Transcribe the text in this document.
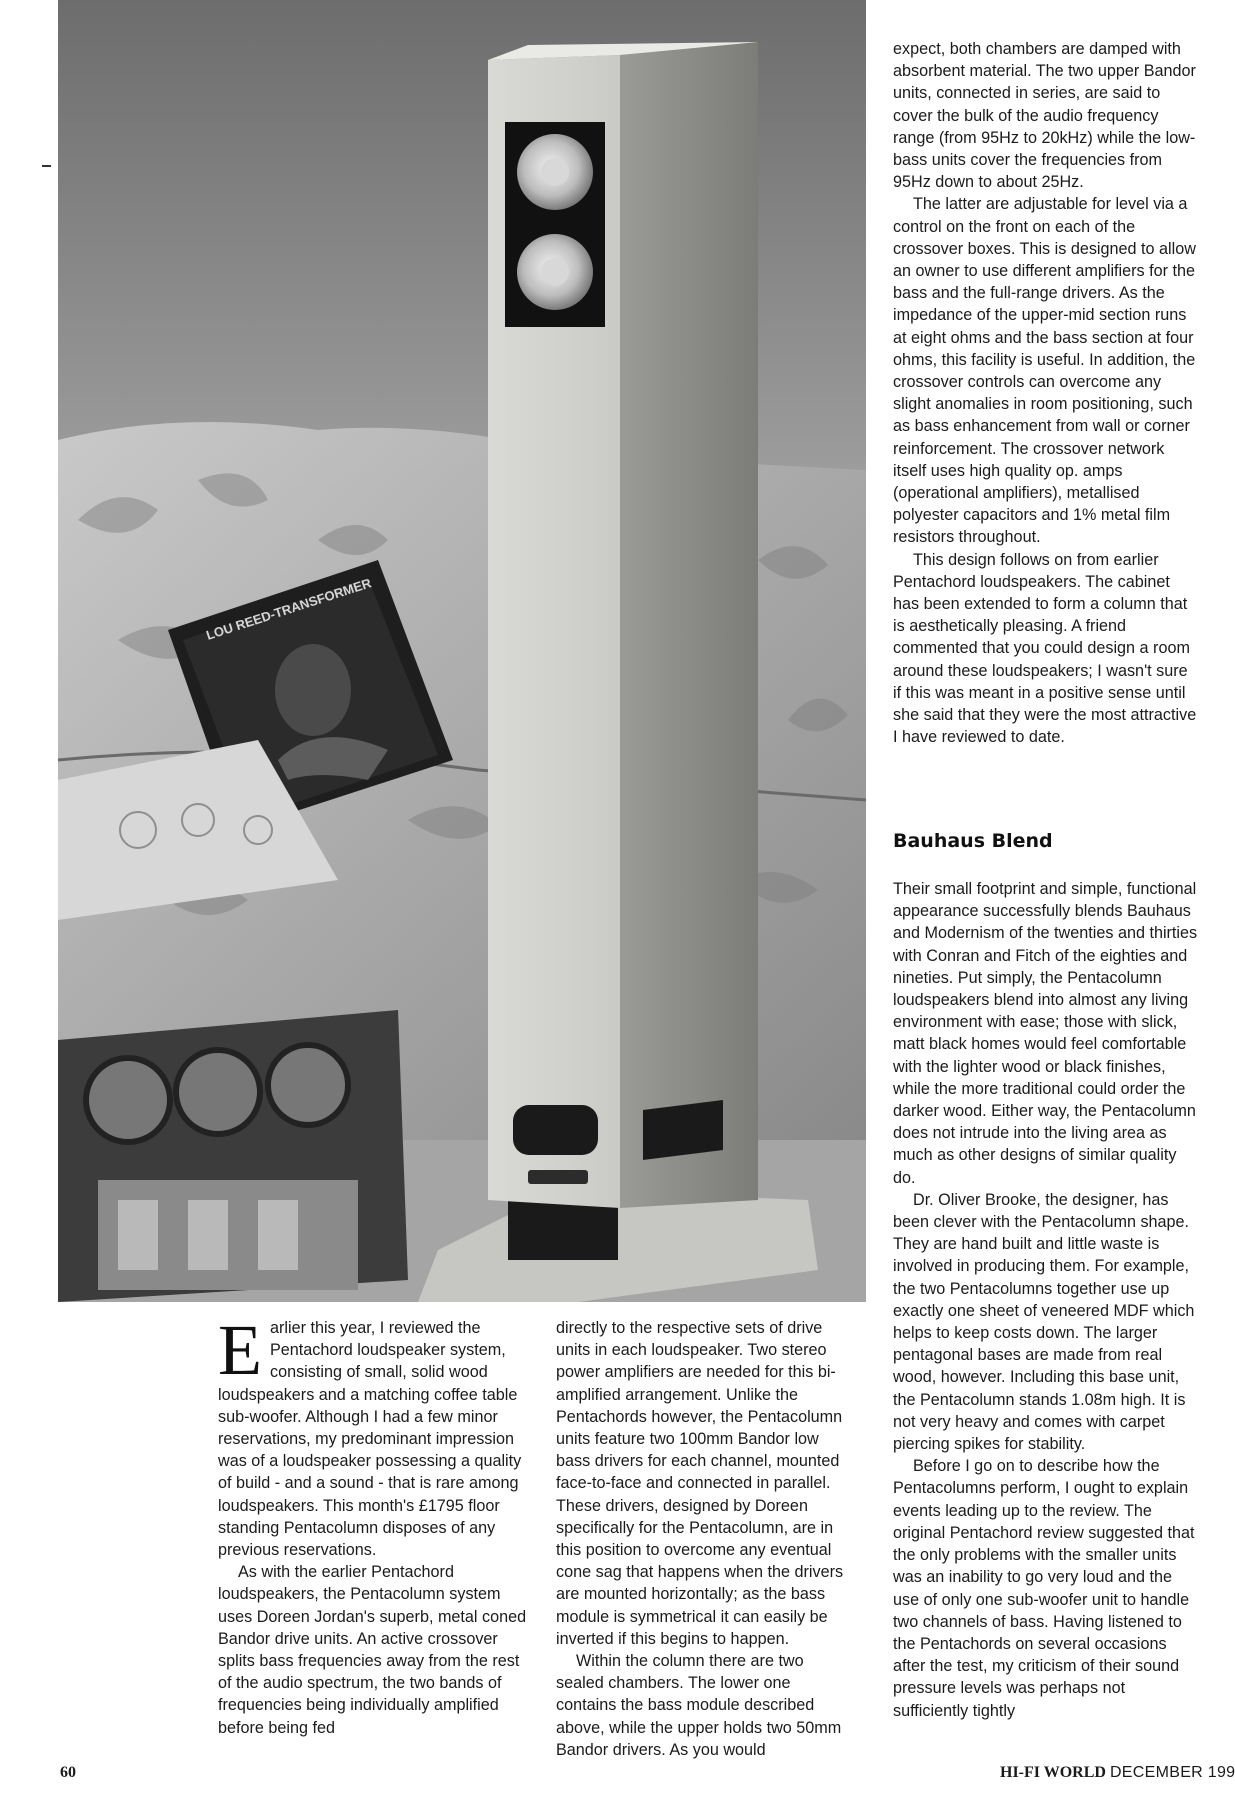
LOU REED-TRANSFORMER

Earlier this year, I reviewed the Pentachord loudspeaker system, consisting of small, solid wood loudspeakers and a matching coffee table sub-woofer. Although I had a few minor reservations, my predominant impression was of a loudspeaker possessing a quality of build - and a sound - that is rare among loudspeakers. This month's £1795 floor standing Pentacolumn disposes of any previous reservations.

As with the earlier Pentachord loudspeakers, the Pentacolumn system uses Doreen Jordan's superb, metal coned Bandor drive units. An active crossover splits bass frequencies away from the rest of the audio spectrum, the two bands of frequencies being individually amplified before being fed

directly to the respective sets of drive units in each loudspeaker. Two stereo power amplifiers are needed for this bi-amplified arrangement. Unlike the Pentachords however, the Pentacolumn units feature two 100mm Bandor low bass drivers for each channel, mounted face-to-face and connected in parallel. These drivers, designed by Doreen specifically for the Pentacolumn, are in this position to overcome any eventual cone sag that happens when the drivers are mounted horizontally; as the bass module is symmetrical it can easily be inverted if this begins to happen.

Within the column there are two sealed chambers. The lower one contains the bass module described above, while the upper holds two 50mm Bandor drivers. As you would

expect, both chambers are damped with absorbent material. The two upper Bandor units, connected in series, are said to cover the bulk of the audio frequency range (from 95Hz to 20kHz) while the low-bass units cover the frequencies from 95Hz down to about 25Hz.

The latter are adjustable for level via a control on the front on each of the crossover boxes. This is designed to allow an owner to use different amplifiers for the bass and the full-range drivers. As the impedance of the upper-mid section runs at eight ohms and the bass section at four ohms, this facility is useful. In addition, the crossover controls can overcome any slight anomalies in room positioning, such as bass enhancement from wall or corner reinforcement. The crossover network itself uses high quality op. amps (operational amplifiers), metallised polyester capacitors and 1% metal film resistors throughout.

This design follows on from earlier Pentachord loudspeakers. The cabinet has been extended to form a column that is aesthetically pleasing. A friend commented that you could design a room around these loudspeakers; I wasn't sure if this was meant in a positive sense until she said that they were the most attractive I have reviewed to date.

Bauhaus Blend

Their small footprint and simple, functional appearance successfully blends Bauhaus and Modernism of the twenties and thirties with Conran and Fitch of the eighties and nineties. Put simply, the Pentacolumn loudspeakers blend into almost any living environment with ease; those with slick, matt black homes would feel comfortable with the lighter wood or black finishes, while the more traditional could order the darker wood. Either way, the Pentacolumn does not intrude into the living area as much as other designs of similar quality do.

Dr. Oliver Brooke, the designer, has been clever with the Pentacolumn shape. They are hand built and little waste is involved in producing them. For example, the two Pentacolumns together use up exactly one sheet of veneered MDF which helps to keep costs down. The larger pentagonal bases are made from real wood, however. Including this base unit, the Pentacolumn stands 1.08m high. It is not very heavy and comes with carpet piercing spikes for stability.

Before I go on to describe how the Pentacolumns perform, I ought to explain events leading up to the review. The original Pentachord review suggested that the only problems with the smaller units was an inability to go very loud and the use of only one sub-woofer unit to handle two channels of bass. Having listened to the Pentachords on several occasions after the test, my criticism of their sound pressure levels was perhaps not sufficiently tightly

60	HI-FI WORLD DECEMBER 199
